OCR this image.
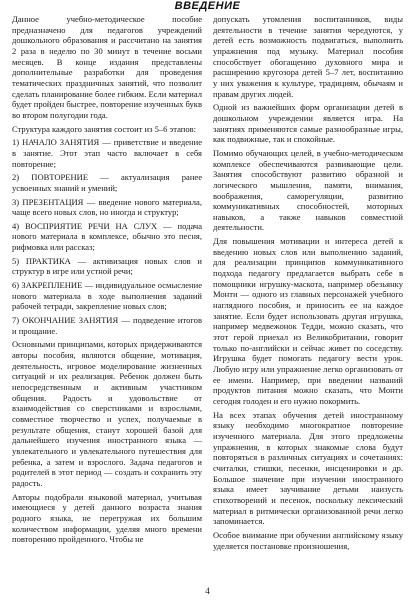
ВВЕДЕНИЕ

Данное учебно-методическое пособие предназначено для педагогов учреждений дошкольного образования и рассчитано на занятия 2 раза в неделю по 30 минут в течение восьми месяцев. В конце издания представлены дополнительные разработки для проведения тематических праздничных занятий, что позволит сделать планирование более гибким. Если материал будет пройден быстрее, повторение изученных букв во втором полугодии года.

Структура каждого занятия состоит из 5–6 этапов:

1) НАЧАЛО ЗАНЯТИЯ — приветствие и введение в занятие. Этот этап часто включает в себя повторение;

2) ПОВТОРЕНИЕ — актуализация ранее усвоенных знаний и умений;

3) ПРЕЗЕНТАЦИЯ — введение нового материала, чаще всего новых слов, но иногда и структур;

4) ВОСПРИЯТИЕ РЕЧИ НА СЛУХ — подача нового материала в комплексе, обычно это песня, рифмовка или рассказ;

5) ПРАКТИКА — активизация новых слов и структур в игре или устной речи;

6) ЗАКРЕПЛЕНИЕ — индивидуальное осмысление нового материала в ходе выполнения заданий рабочей тетради, закрепление новых слов;

7) ОКОНЧАНИЕ ЗАНЯТИЯ — подведение итогов и прощание.

Основными принципами, которых придерживаются авторы пособия, являются общение, мотивация, деятельность, игровое моделирование жизненных ситуаций и их реализация. Ребенок должен быть непосредственным и активным участником общения. Радость и удовольствие от взаимодействия со сверстниками и взрослыми, совместное творчество и успех, получаемые в результате общения, станут хорошей базой для дальнейшего изучения иностранного языка — увлекательного и увлекательного путешествия для ребенка, а затем и взрослого. Задача педагогов и родителей в этот период — создать и сохранить эту радость.

Авторы подобрали языковой материал, учитывая имеющиеся у детей данного возраста знания родного языка, не перегружая их большим количеством информации, уделяя много времени повторению пройденного. Чтобы не

допускать утомления воспитанников, виды деятельности в течение занятия чередуются, у детей есть возможность подвигаться, выполнить упражнения под музыку. Материал пособия способствует обогащению духовного мира и расширению кругозора детей 5–7 лет, воспитанию у них уважения к культуре, традициям, обычаям и правам других людей.

Одной из важнейших форм организации детей в дошкольном учреждении является игра. На занятиях применяются самые разнообразные игры, как подвижные, так и спокойные.

Помимо обучающих целей, в учебно-методическом комплексе обеспечиваются развивающие цели. Занятия способствуют развитию образной и логического мышления, памяти, внимания, воображения, саморегуляции, развитию коммуникативных способностей, моторных навыков, а также навыков совместной деятельности.

Для повышения мотивации и интереса детей к введению новых слов или выполнению заданий, для реализации принципов коммуникативного подхода педагогу предлагается выбрать себе в помощники игрушку-маскота, например обезьянку Монти — одного из главных персонажей учебного наглядного пособия, и приносить ее на каждое занятие. Если будет использовать другая игрушка, например медвежонок Тедди, можно сказать, что этот герой приехал из Великобритании, говорит только по-английски и сейчас живет по соседству. Игрушка будет помогать педагогу вести урок. Любую игру или упражнение легко организовать от ее имени. Например, при введении названий продуктов питания можно сказать, что Монти сегодня голоден и его нужно покормить.

На всех этапах обучения детей иностранному языку необходимо многократное повторение изученного материала. Для этого предложены упражнения, в которых знакомые слова будут повторяться в различных ситуациях и сочетаниях: считалки, стишки, песенки, инсценировки и др. Большое значение при изучении иностранного языка имеет заучивание детьми наизусть стихотворений и песенок, поскольку лексический материал в ритмически организованной речи легко запоминается.

Особое внимание при обучении английскому языку уделяется постановке произношения,

4
